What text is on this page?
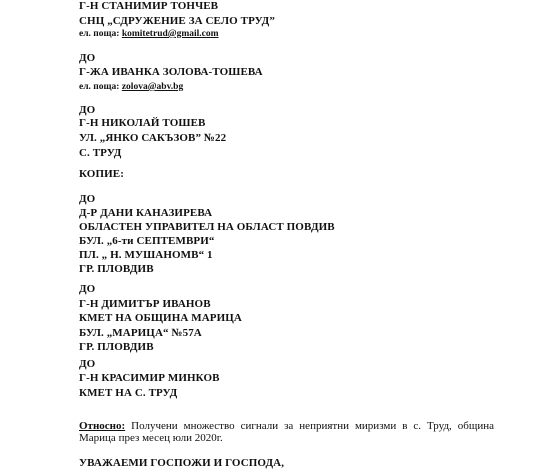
Г-Н СТАНИМИР ТОНЧЕВ
СНЦ „СДРУЖЕНИЕ ЗА СЕЛО ТРУД”
ел. поща: komitetrud@gmail.com
ДО
Г-ЖА ИВАНКА ЗОЛОВА-ТОШЕВА
ел. поща: zolova@abv.bg
ДО
Г-Н НИКОЛАЙ ТОШЕВ
УЛ. „ЯНКО САКЪЗОВ” №22
С. ТРУД
КОПИЕ:
ДО
Д-Р ДАНИ КАНАЗИРЕВА
ОБЛАСТЕН УПРАВИТЕЛ НА ОБЛАСТ ПОВДИВ
БУЛ. „6-ти СЕПТЕМВРИ“
ПЛ. „ Н. МУШАНОМВ“ 1
ГР. ПЛОВДИВ
ДО
Г-Н ДИМИТЪР ИВАНОВ
КМЕТ НА ОБЩИНА МАРИЦА
БУЛ. „МАРИЦА“ №57А
ГР. ПЛОВДИВ
ДО
Г-Н КРАСИМИР МИНКОВ
КМЕТ НА С. ТРУД
Относно: Получени множество сигнали за неприятни миризми в с. Труд, община Марица през месец юли 2020г.
УВАЖАЕМИ ГОСПОЖИ И ГОСПОДА,
